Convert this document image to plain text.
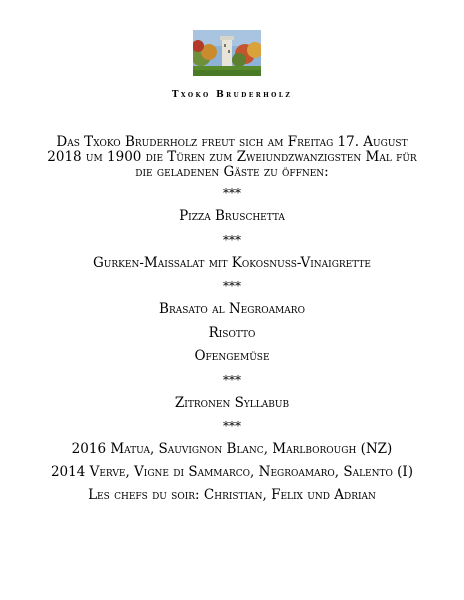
Txoko Bruderholz

Das Txoko Bruderholz freut sich am Freitag 17. August 2018 um 1900 die Türen zum Zweiundzwanzigsten Mal für die geladenen Gäste zu öffnen:

***

Pizza Bruschetta

***

Gurken-Maissalat mit Kokosnuss-Vinaigrette

***

Brasato al Negroamaro

Risotto

Ofengemüse

***

Zitronen Syllabub

***

2016 Matua, Sauvignon Blanc, Marlborough (NZ)

2014 Verve, Vigne di Sammarco, Negroamaro, Salento (I)

Les chefs du soir: Christian, Felix und Adrian
